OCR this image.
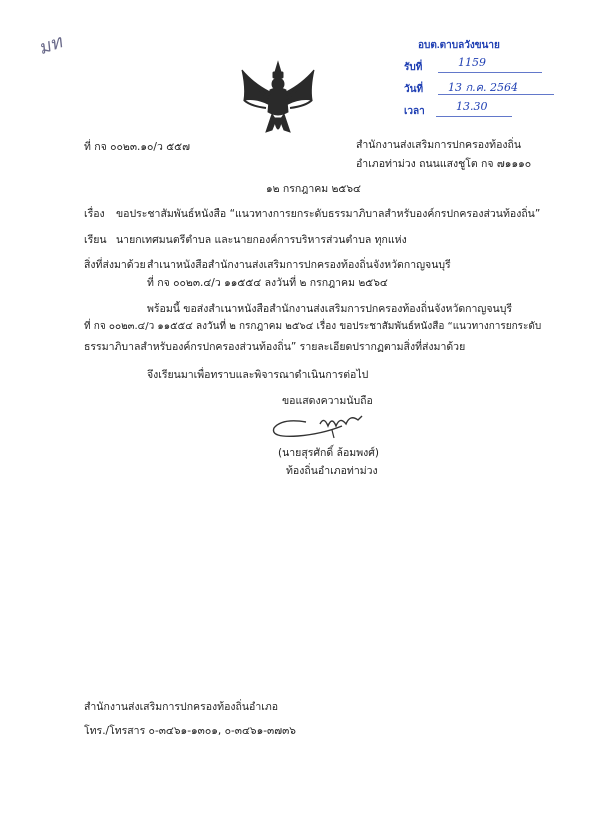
มท	อบต.ตาบลวังขนาย
รับที่	1159
วันที่ 13 ก.ค. 2564
เวลา	13.30
ที่ กจ ๐๐๒๓.๑๐/ว ๕๕๗	สำนักงานส่งเสริมการปกครองท้องถิ่น
อำเภอท่าม่วง ถนนแสงชูโต กจ ๗๑๑๑๐
๑๒ กรกฎาคม ๒๕๖๔
เรื่อง ขอประชาสัมพันธ์หนังสือ “แนวทางการยกระดับธรรมาภิบาลสำหรับองค์กรปกครองส่วนท้องถิ่น”
เรียน นายกเทศมนตรีตำบล และนายกองค์การบริหารส่วนตำบล ทุกแห่ง
สิ่งที่ส่งมาด้วย สำเนาหนังสือสำนักงานส่งเสริมการปกครองท้องถิ่นจังหวัดกาญจนบุรี
ที่ กจ ๐๐๒๓.๔/ว ๑๑๕๕๔ ลงวันที่ ๒ กรกฎาคม ๒๕๖๔
พร้อมนี้ ขอส่งสำเนาหนังสือสำนักงานส่งเสริมการปกครองท้องถิ่นจังหวัดกาญจนบุรี
ที่ กจ ๐๐๒๓.๔/ว ๑๑๕๕๔ ลงวันที่ ๒ กรกฎาคม ๒๕๖๔ เรื่อง ขอประชาสัมพันธ์หนังสือ “แนวทางการยกระดับ
ธรรมาภิบาลสำหรับองค์กรปกครองส่วนท้องถิ่น” รายละเอียดปรากฏตามสิ่งที่ส่งมาด้วย
จึงเรียนมาเพื่อทราบและพิจารณาดำเนินการต่อไป
ขอแสดงความนับถือ
(นายสุรศักดิ์ ล้อมพงศ์)
ท้องถิ่นอำเภอท่าม่วง
สำนักงานส่งเสริมการปกครองท้องถิ่นอำเภอ
โทร./โทรสาร ๐-๓๔๖๑-๑๓๐๑, ๐-๓๔๖๑-๓๗๓๖
